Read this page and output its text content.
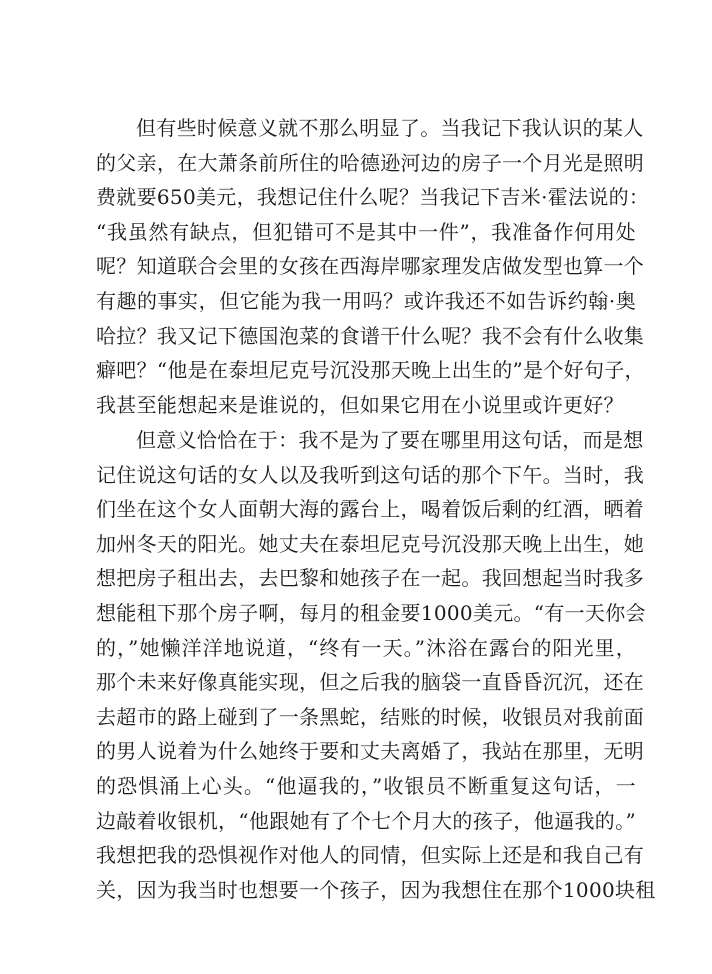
但有些时候意义就不那么明显了。当我记下我认识的某人
的父亲，在大萧条前所住的哈德逊河边的房子一个月光是照明
费就要650美元，我想记住什么呢？当我记下吉米·霍法说的：
“我虽然有缺点，但犯错可不是其中一件”，我准备作何用处
呢？知道联合会里的女孩在西海岸哪家理发店做发型也算一个
有趣的事实，但它能为我一用吗？或许我还不如告诉约翰·奥
哈拉？我又记下德国泡菜的食谱干什么呢？我不会有什么收集
癖吧？“他是在泰坦尼克号沉没那天晚上出生的”是个好句子，
我甚至能想起来是谁说的，但如果它用在小说里或许更好？
但意义恰恰在于：我不是为了要在哪里用这句话，而是想
记住说这句话的女人以及我听到这句话的那个下午。当时，我
们坐在这个女人面朝大海的露台上，喝着饭后剩的红酒，晒着
加州冬天的阳光。她丈夫在泰坦尼克号沉没那天晚上出生，她
想把房子租出去，去巴黎和她孩子在一起。我回想起当时我多
想能租下那个房子啊，每月的租金要1000美元。“有一天你会
的，”她懒洋洋地说道，“终有一天。”沐浴在露台的阳光里，
那个未来好像真能实现，但之后我的脑袋一直昏昏沉沉，还在
去超市的路上碰到了一条黑蛇，结账的时候，收银员对我前面
的男人说着为什么她终于要和丈夫离婚了，我站在那里，无明
的恐惧涌上心头。“他逼我的，”收银员不断重复这句话，一
边敲着收银机，“他跟她有了个七个月大的孩子，他逼我的。”
我想把我的恐惧视作对他人的同情，但实际上还是和我自己有
关，因为我当时也想要一个孩子，因为我想住在那个1000块租
